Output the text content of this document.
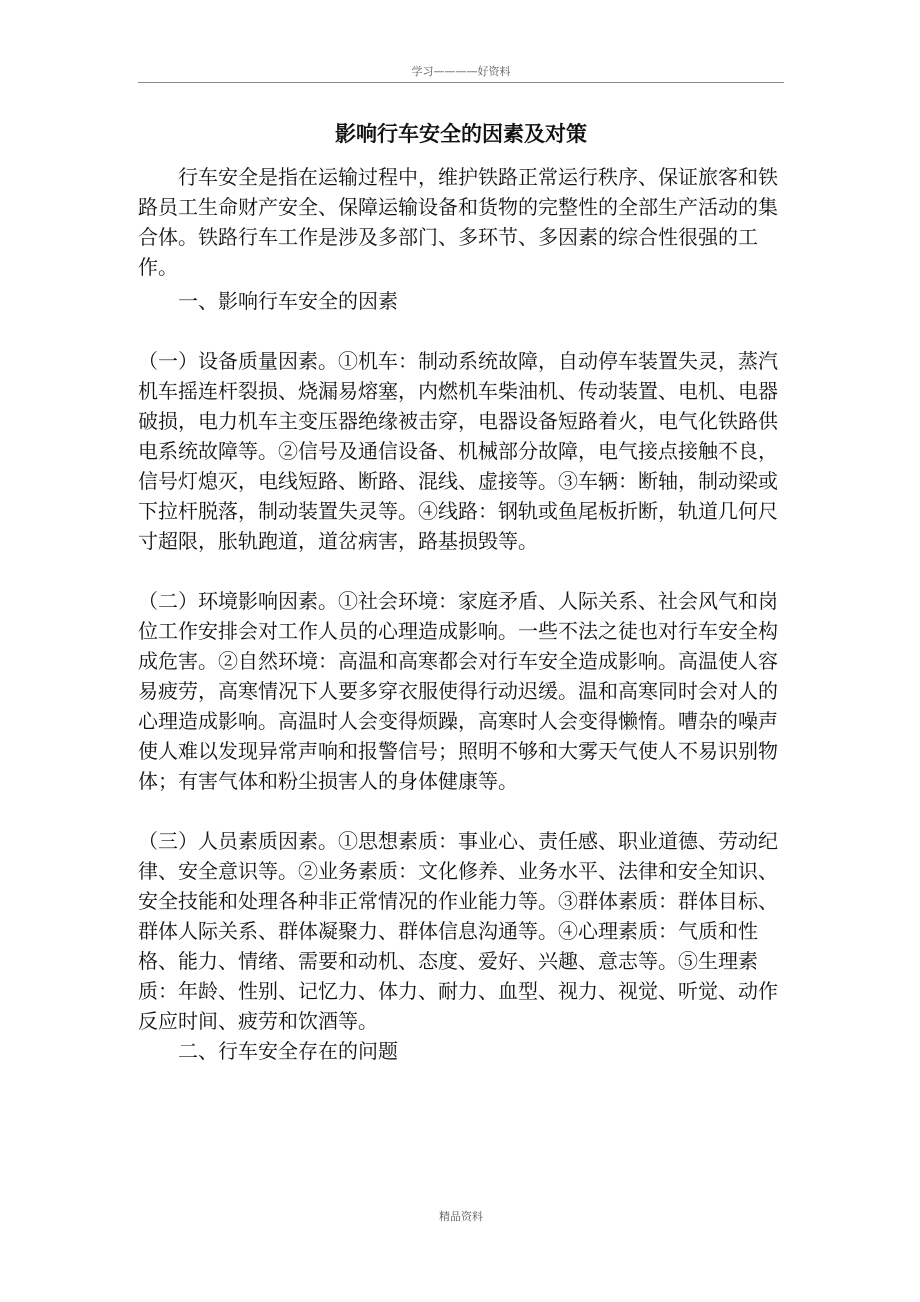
学习————好资料
影响行车安全的因素及对策

行车安全是指在运输过程中，维护铁路正常运行秩序、保证旅客和铁路员工生命财产安全、保障运输设备和货物的完整性的全部生产活动的集合体。铁路行车工作是涉及多部门、多环节、多因素的综合性很强的工作。

一、影响行车安全的因素

（一）设备质量因素。①机车：制动系统故障，自动停车装置失灵，蒸汽机车摇连杆裂损、烧漏易熔塞，内燃机车柴油机、传动装置、电机、电器破损，电力机车主变压器绝缘被击穿，电器设备短路着火，电气化铁路供电系统故障等。②信号及通信设备、机械部分故障，电气接点接触不良，信号灯熄灭，电线短路、断路、混线、虚接等。③车辆：断轴，制动梁或下拉杆脱落，制动装置失灵等。④线路：钢轨或鱼尾板折断，轨道几何尺寸超限，胀轨跑道，道岔病害，路基损毁等。

（二）环境影响因素。①社会环境：家庭矛盾、人际关系、社会风气和岗位工作安排会对工作人员的心理造成影响。一些不法之徒也对行车安全构成危害。②自然环境：高温和高寒都会对行车安全造成影响。高温使人容易疲劳，高寒情况下人要多穿衣服使得行动迟缓。温和高寒同时会对人的心理造成影响。高温时人会变得烦躁，高寒时人会变得懒惰。嘈杂的噪声使人难以发现异常声响和报警信号；照明不够和大雾天气使人不易识别物体；有害气体和粉尘损害人的身体健康等。

（三）人员素质因素。①思想素质：事业心、责任感、职业道德、劳动纪律、安全意识等。②业务素质：文化修养、业务水平、法律和安全知识、安全技能和处理各种非正常情况的作业能力等。③群体素质：群体目标、群体人际关系、群体凝聚力、群体信息沟通等。④心理素质：气质和性格、能力、情绪、需要和动机、态度、爱好、兴趣、意志等。⑤生理素质：年龄、性别、记忆力、体力、耐力、血型、视力、视觉、听觉、动作反应时间、疲劳和饮酒等。

二、行车安全存在的问题

精品资料
